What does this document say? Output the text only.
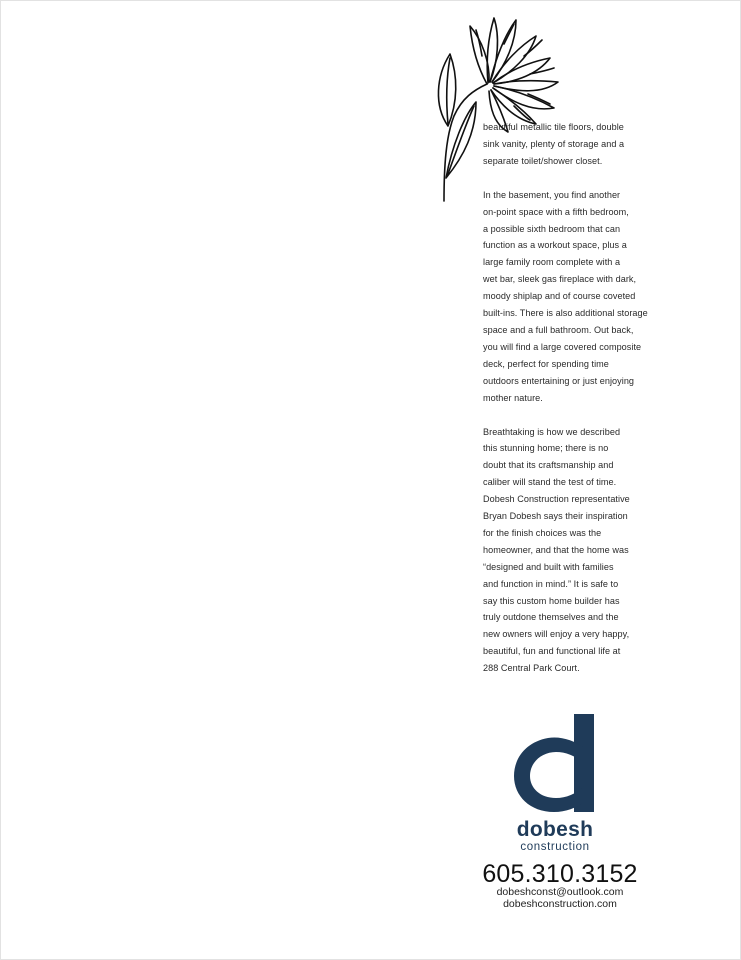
beautiful metallic tile floors, double
sink vanity, plenty of storage and a
separate toilet/shower closet.

In the basement, you find another
on-point space with a fifth bedroom,
a possible sixth bedroom that can
function as a workout space, plus a
large family room complete with a
wet bar, sleek gas fireplace with dark,
moody shiplap and of course coveted
built-ins. There is also additional storage
space and a full bathroom. Out back,
you will find a large covered composite
deck, perfect for spending time
outdoors entertaining or just enjoying
mother nature.

Breathtaking is how we described
this stunning home; there is no
doubt that its craftsmanship and
caliber will stand the test of time.
Dobesh Construction representative
Bryan Dobesh says their inspiration
for the finish choices was the
homeowner, and that the home was
“designed and built with families
and function in mind.” It is safe to
say this custom home builder has
truly outdone themselves and the
new owners will enjoy a very happy,
beautiful, fun and functional life at
288 Central Park Court.

dobesh
construction
605.310.3152
dobeshconst@outlook.com
dobeshconstruction.com
